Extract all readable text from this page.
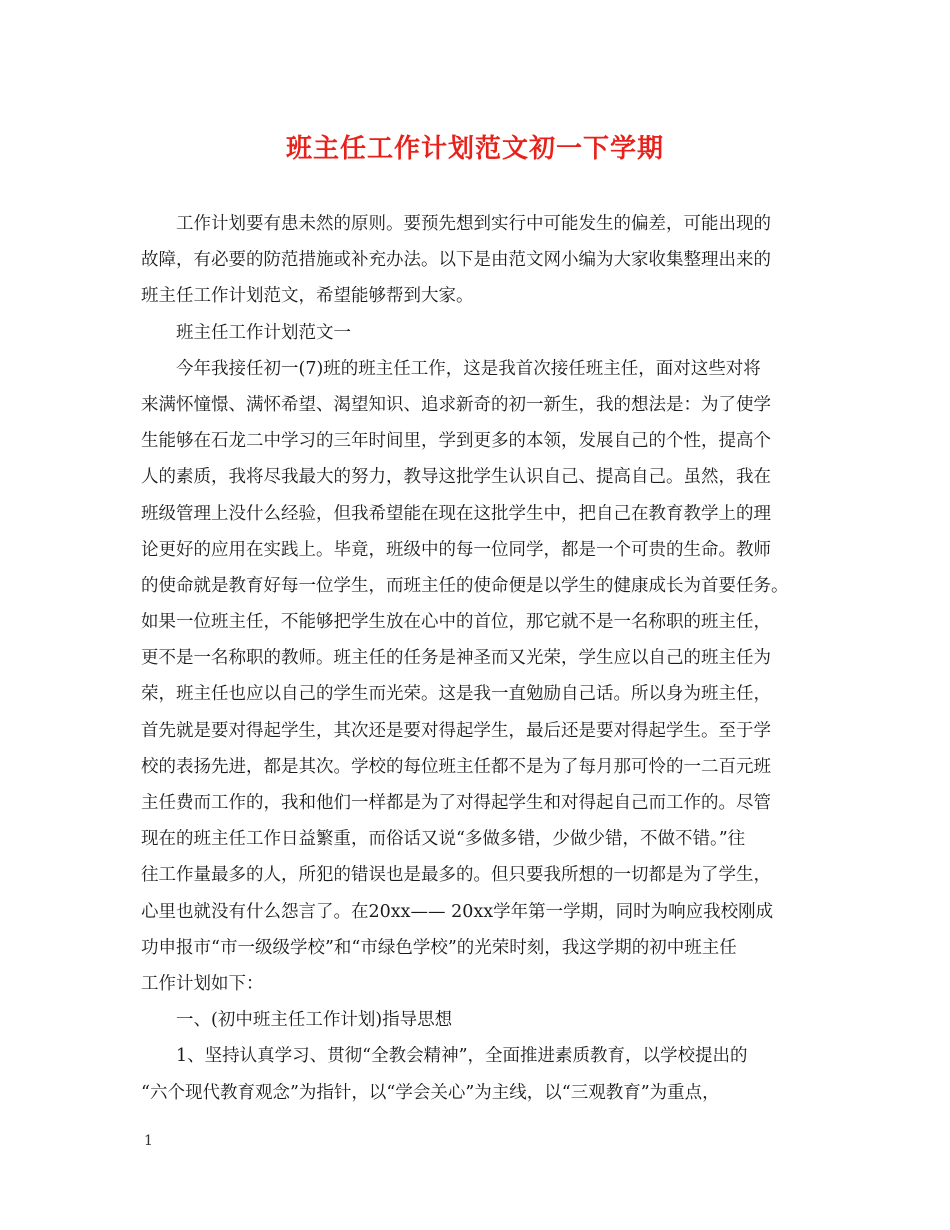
班主任工作计划范文初一下学期
　　工作计划要有患未然的原则。要预先想到实行中可能发生的偏差，可能出现的
故障，有必要的防范措施或补充办法。以下是由范文网小编为大家收集整理出来的
班主任工作计划范文，希望能够帮到大家。
　　班主任工作计划范文一
　　今年我接任初一(7)班的班主任工作，这是我首次接任班主任，面对这些对将
来满怀憧憬、满怀希望、渴望知识、追求新奇的初一新生，我的想法是：为了使学
生能够在石龙二中学习的三年时间里，学到更多的本领，发展自己的个性，提高个
人的素质，我将尽我最大的努力，教导这批学生认识自己、提高自己。虽然，我在
班级管理上没什么经验，但我希望能在现在这批学生中，把自己在教育教学上的理
论更好的应用在实践上。毕竟，班级中的每一位同学，都是一个可贵的生命。教师
的使命就是教育好每一位学生，而班主任的使命便是以学生的健康成长为首要任务。
如果一位班主任，不能够把学生放在心中的首位，那它就不是一名称职的班主任，
更不是一名称职的教师。班主任的任务是神圣而又光荣，学生应以自己的班主任为
荣，班主任也应以自己的学生而光荣。这是我一直勉励自己话。所以身为班主任，
首先就是要对得起学生，其次还是要对得起学生，最后还是要对得起学生。至于学
校的表扬先进，都是其次。学校的每位班主任都不是为了每月那可怜的一二百元班
主任费而工作的，我和他们一样都是为了对得起学生和对得起自己而工作的。尽管
现在的班主任工作日益繁重，而俗话又说“多做多错，少做少错，不做不错。”往
往工作量最多的人，所犯的错误也是最多的。但只要我所想的一切都是为了学生，
心里也就没有什么怨言了。在20xx—— 20xx学年第一学期，同时为响应我校刚成
功申报市“市一级级学校”和“市绿色学校”的光荣时刻，我这学期的初中班主任
工作计划如下：
　　一、(初中班主任工作计划)指导思想
　　1、坚持认真学习、贯彻“全教会精神”，全面推进素质教育，以学校提出的
“六个现代教育观念”为指针，以“学会关心”为主线，以“三观教育”为重点，
1
